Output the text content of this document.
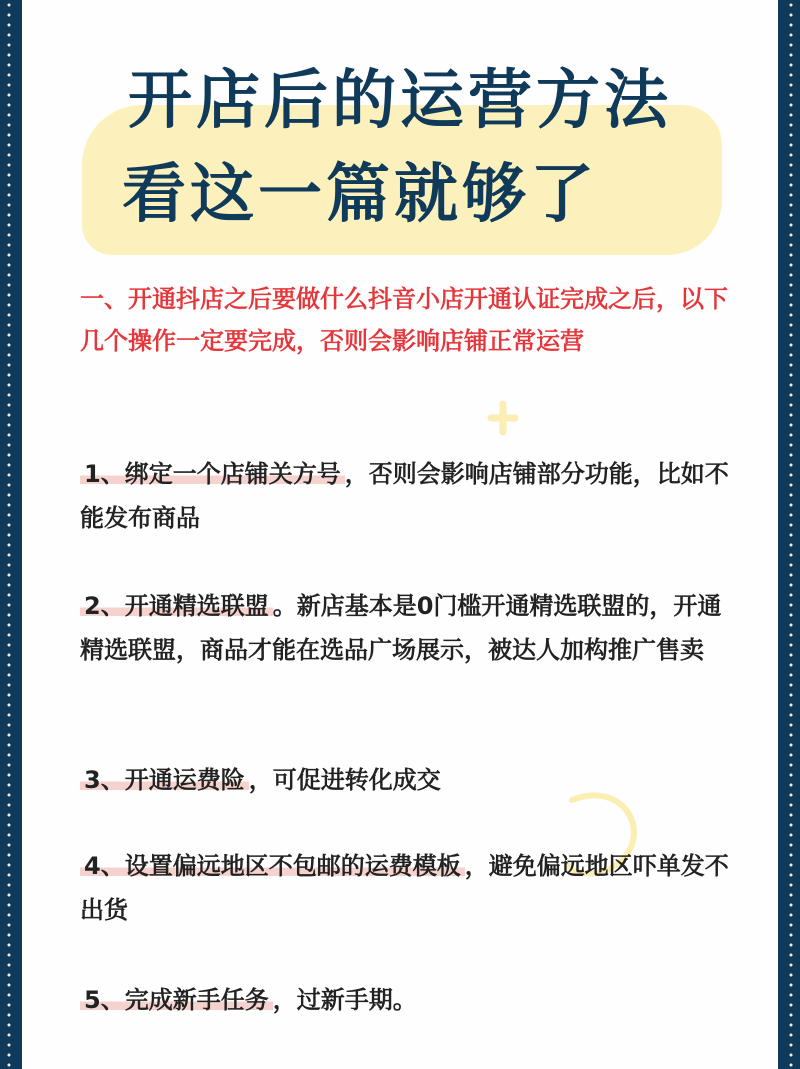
开店后的运营方法
看这一篇就够了
一、开通抖店之后要做什么抖音小店开通认证完成之后，以下几个操作一定要完成，否则会影响店铺正常运营
1、绑定一个店铺关方号 ，否则会影响店铺部分功能，比如不能发布商品
2、开通精选联盟 。新店基本是0门槛开通精选联盟的，开通精选联盟，商品才能在选品广场展示，被达人加构推广售卖
3、开通运费险 ，可促进转化成交
4、设置偏远地区不包邮的运费模板 ，避免偏远地区吓单发不出货
5、完成新手任务 ，过新手期。
